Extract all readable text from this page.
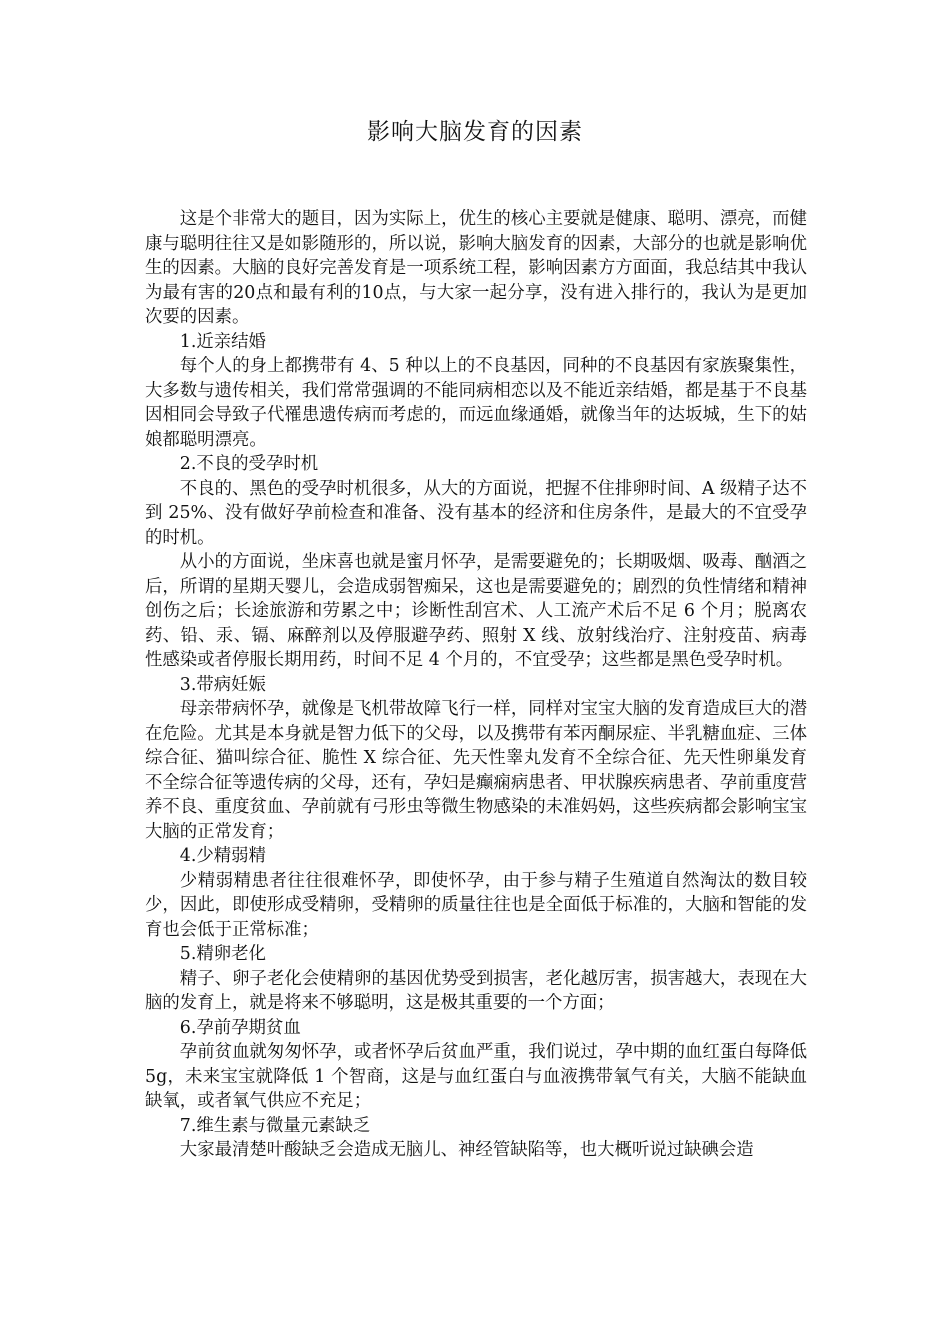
影响大脑发育的因素

这是个非常大的题目，因为实际上，优生的核心主要就是健康、聪明、漂亮，而健康与聪明往往又是如影随形的，所以说，影响大脑发育的因素，大部分的也就是影响优生的因素。大脑的良好完善发育是一项系统工程，影响因素方方面面，我总结其中我认为最有害的20点和最有利的10点，与大家一起分享，没有进入排行的，我认为是更加次要的因素。

1.近亲结婚

每个人的身上都携带有 4、5 种以上的不良基因，同种的不良基因有家族聚集性，大多数与遗传相关，我们常常强调的不能同病相恋以及不能近亲结婚，都是基于不良基因相同会导致子代罹患遗传病而考虑的，而远血缘通婚，就像当年的达坂城，生下的姑娘都聪明漂亮。

2.不良的受孕时机

不良的、黑色的受孕时机很多，从大的方面说，把握不住排卵时间、A 级精子达不到 25%、没有做好孕前检查和准备、没有基本的经济和住房条件，是最大的不宜受孕的时机。

从小的方面说，坐床喜也就是蜜月怀孕，是需要避免的；长期吸烟、吸毒、酗酒之后，所谓的星期天婴儿，会造成弱智痴呆，这也是需要避免的；剧烈的负性情绪和精神创伤之后；长途旅游和劳累之中；诊断性刮宫术、人工流产术后不足 6 个月；脱离农药、铅、汞、镉、麻醉剂以及停服避孕药、照射 X 线、放射线治疗、注射疫苗、病毒性感染或者停服长期用药，时间不足 4 个月的，不宜受孕；这些都是黑色受孕时机。

3.带病妊娠

母亲带病怀孕，就像是飞机带故障飞行一样，同样对宝宝大脑的发育造成巨大的潜在危险。尤其是本身就是智力低下的父母，以及携带有苯丙酮尿症、半乳糖血症、三体综合征、猫叫综合征、脆性 X 综合征、先天性睾丸发育不全综合征、先天性卵巢发育不全综合征等遗传病的父母，还有，孕妇是癫痫病患者、甲状腺疾病患者、孕前重度营养不良、重度贫血、孕前就有弓形虫等微生物感染的未准妈妈，这些疾病都会影响宝宝大脑的正常发育；

4.少精弱精

少精弱精患者往往很难怀孕，即使怀孕，由于参与精子生殖道自然淘汰的数目较少，因此，即使形成受精卵，受精卵的质量往往也是全面低于标准的，大脑和智能的发育也会低于正常标准；

5.精卵老化

精子、卵子老化会使精卵的基因优势受到损害，老化越厉害，损害越大，表现在大脑的发育上，就是将来不够聪明，这是极其重要的一个方面；

6.孕前孕期贫血

孕前贫血就匆匆怀孕，或者怀孕后贫血严重，我们说过，孕中期的血红蛋白每降低 5g，未来宝宝就降低 1 个智商，这是与血红蛋白与血液携带氧气有关，大脑不能缺血缺氧，或者氧气供应不充足；

7.维生素与微量元素缺乏

大家最清楚叶酸缺乏会造成无脑儿、神经管缺陷等，也大概听说过缺碘会造
